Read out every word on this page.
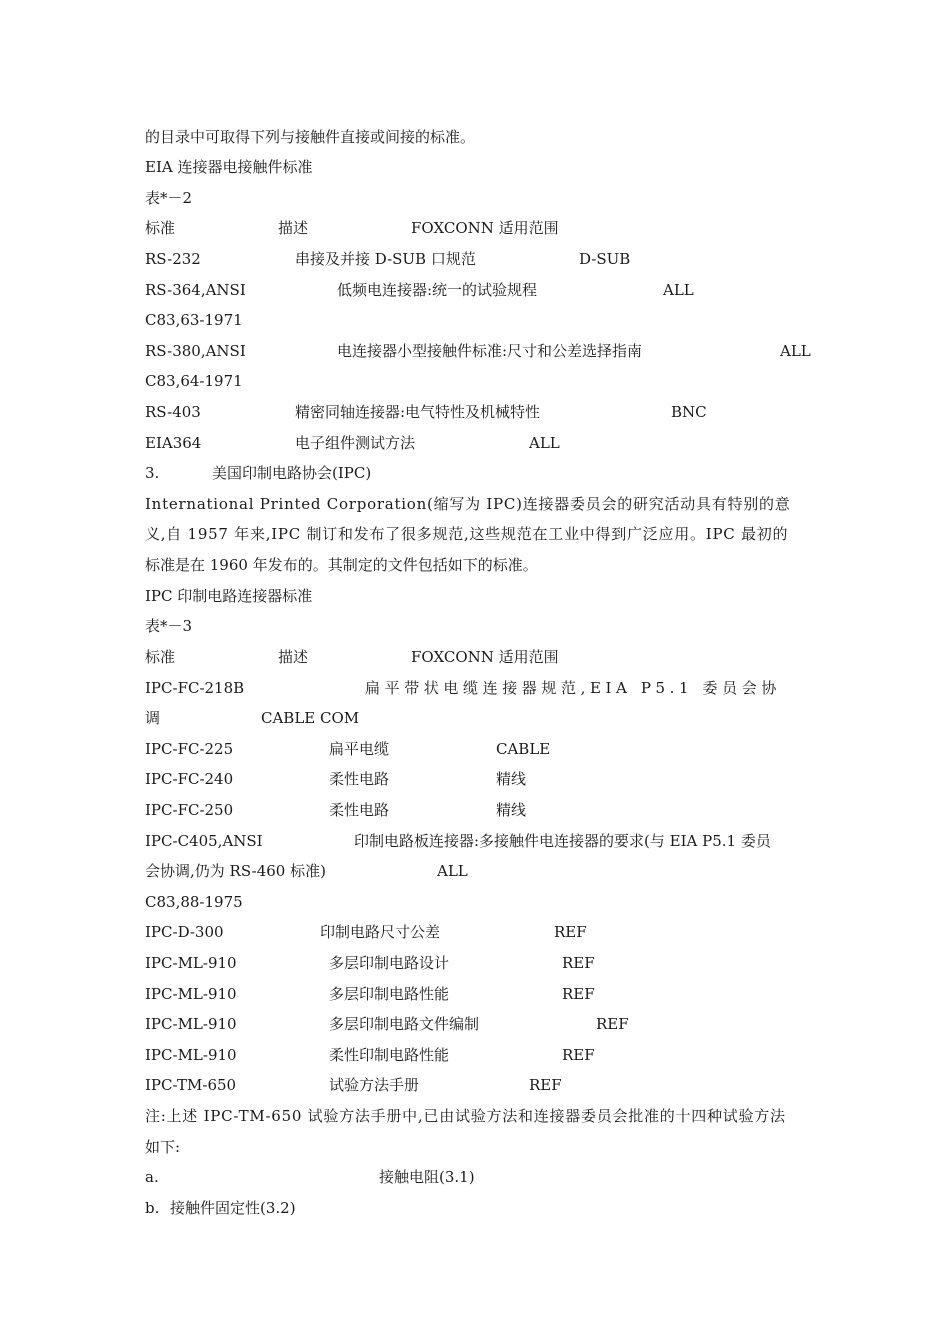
的目录中可取得下列与接触件直接或间接的标准。
EIA 连接器电接触件标准
表*－2
标准	描述	FOXCONN 适用范围
RS-232	串接及并接 D-SUB 口规范	D-SUB
RS-364,ANSI	低频电连接器:统一的试验规程	ALL
C83,63-1971
RS-380,ANSI	电连接器小型接触件标准:尺寸和公差选择指南	ALL
C83,64-1971
RS-403	精密同轴连接器:电气特性及机械特性	BNC
EIA364	电子组件测试方法	ALL
3.	美国印制电路协会(IPC)
International Printed Corporation(缩写为 IPC)连接器委员会的研究活动具有特别的意
义,自 1957 年来,IPC 制订和发布了很多规范,这些规范在工业中得到广泛应用。IPC 最初的
标准是在 1960 年发布的。其制定的文件包括如下的标准。
IPC 印制电路连接器标准
表*－3
标准	描述	FOXCONN 适用范围
IPC-FC-218B	扁平带状电缆连接器规范,EIA P5.1 委员会协
调	CABLE COM
IPC-FC-225	扁平电缆	CABLE
IPC-FC-240	柔性电路	精线
IPC-FC-250	柔性电路	精线
IPC-C405,ANSI	印制电路板连接器:多接触件电连接器的要求(与 EIA P5.1 委员
会协调,仍为 RS-460 标准)	ALL
C83,88-1975
IPC-D-300	印制电路尺寸公差	REF
IPC-ML-910	多层印制电路设计	REF
IPC-ML-910	多层印制电路性能	REF
IPC-ML-910	多层印制电路文件编制	REF
IPC-ML-910	柔性印制电路性能	REF
IPC-TM-650	试验方法手册	REF
注:上述 IPC-TM-650 试验方法手册中,已由试验方法和连接器委员会批准的十四种试验方法
如下:
a.	接触电阻(3.1)
b. 接触件固定性(3.2)
